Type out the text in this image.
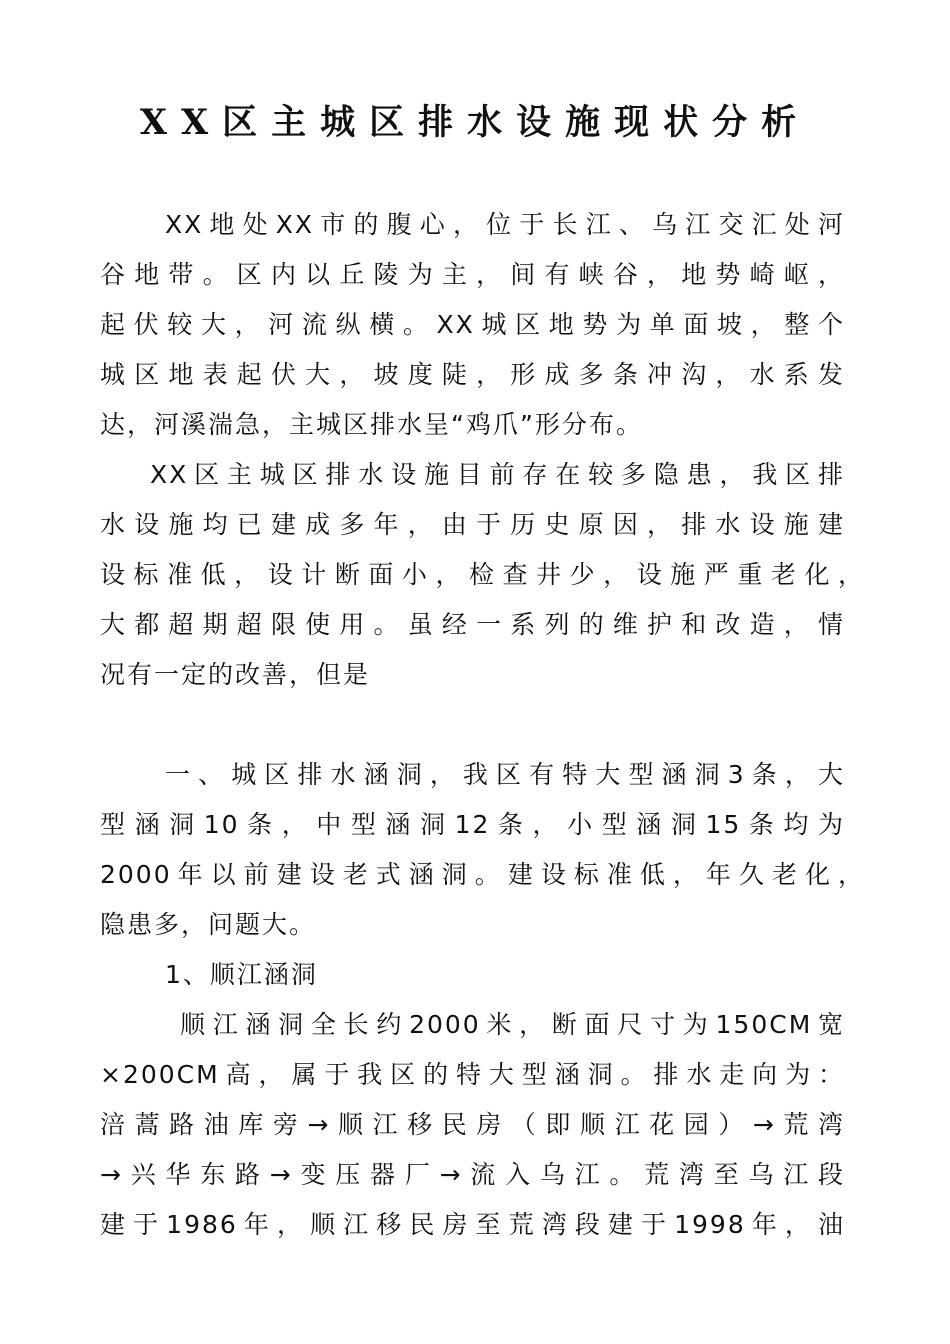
XX区主城区排水设施现状分析
XX地处XX市的腹心，位于长江、乌江交汇处河
谷地带。区内以丘陵为主，间有峡谷，地势崎岖，
起伏较大，河流纵横。XX城区地势为单面坡，整个
城区地表起伏大，坡度陡，形成多条冲沟，水系发
达，河溪湍急，主城区排水呈“鸡爪”形分布。
XX区主城区排水设施目前存在较多隐患，我区排
水设施均已建成多年，由于历史原因，排水设施建
设标准低，设计断面小，检查井少，设施严重老化，
大都超期超限使用。虽经一系列的维护和改造，情
况有一定的改善，但是
一、城区排水涵洞，我区有特大型涵洞3条，大
型涵洞10条，中型涵洞12条，小型涵洞15条均为
2000年以前建设老式涵洞。建设标准低，年久老化，
隐患多，问题大。
1、顺江涵洞
顺江涵洞全长约2000米，断面尺寸为150CM宽
×200CM高，属于我区的特大型涵洞。排水走向为：
涪蒿路油库旁→顺江移民房（即顺江花园）→荒湾
→兴华东路→变压器厂→流入乌江。荒湾至乌江段
建于1986年，顺江移民房至荒湾段建于1998年，油
